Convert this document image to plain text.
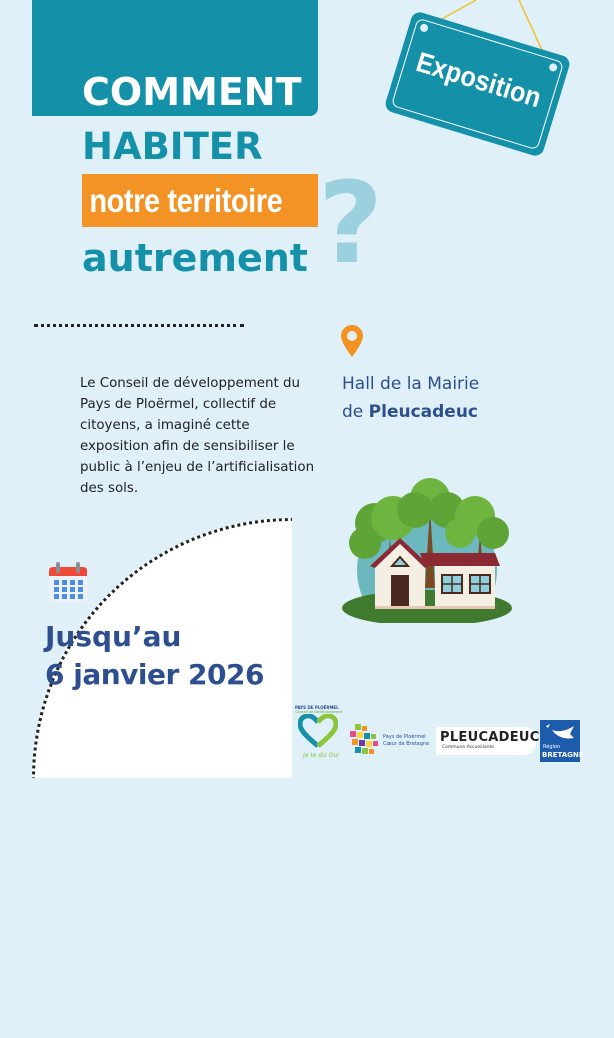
COMMENT
HABITER
notre territoire
autrement ?
Exposition
Le Conseil de développement du Pays de Ploërmel, collectif de citoyens, a imaginé cette exposition afin de sensibiliser le public à l’enjeu de l’artificialisation des sols.
Hall de la Mairie
de Pleucadeuc
Jusqu’au
6 janvier 2026
PAYS DE PLOËRMEL
Conseil de Développement
je te dis Oui
Pays de Ploërmel
Cœur de Bretagne PLEUCADEUC
Commune Accueillante	Région
BRETAGNE
